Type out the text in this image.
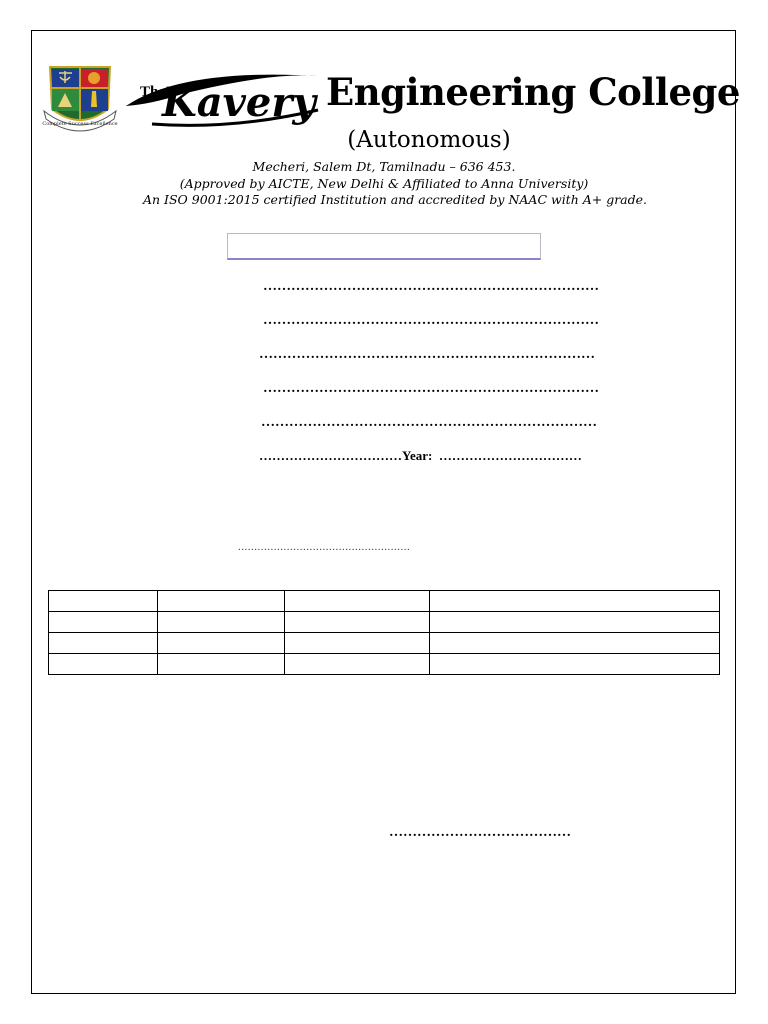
Complete Success Excellence
The
Kavery Engineering College
(Autonomous)
Mecheri, Salem Dt, Tamilnadu – 636 453.
(Approved by AICTE, New Delhi & Affiliated to Anna University)
An ISO 9001:2015 certified Institution and accredited by NAAC with A+ grade.
………………………………………………………………
………………………………………………………………
………………………………………………………………
………………………………………………………………
………………………………………………………………
……………………………Year: ……………………………
.....................................................

…………………………………
